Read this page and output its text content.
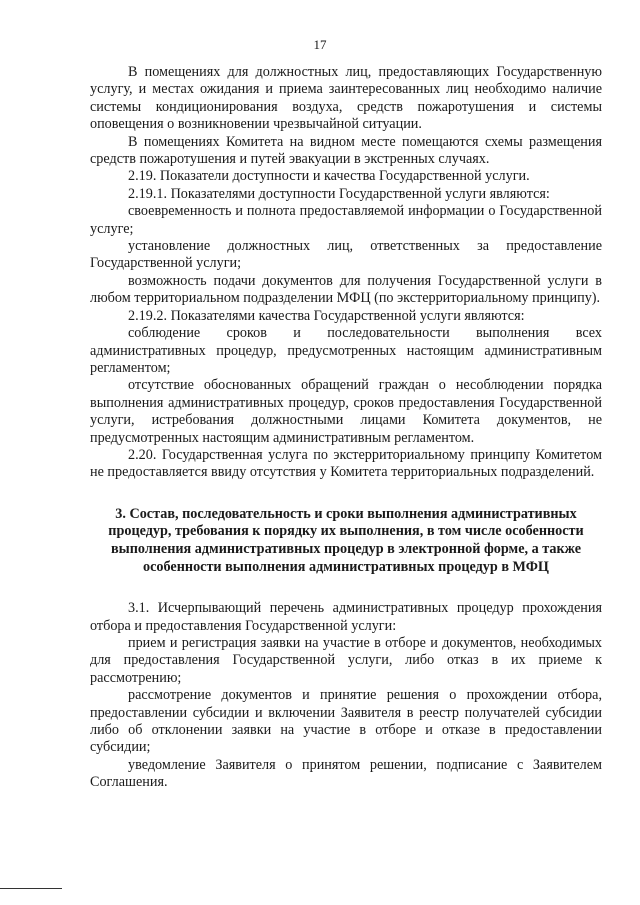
17

В помещениях для должностных лиц, предоставляющих Государственную услугу, и местах ожидания и приема заинтересованных лиц необходимо наличие системы кондиционирования воздуха, средств пожаротушения и системы оповещения о возникновении чрезвычайной ситуации.

В помещениях Комитета на видном месте помещаются схемы размещения средств пожаротушения и путей эвакуации в экстренных случаях.

2.19. Показатели доступности и качества Государственной услуги.

2.19.1. Показателями доступности Государственной услуги являются:

своевременность и полнота предоставляемой информации о Государственной услуге;

установление должностных лиц, ответственных за предоставление Государственной услуги;

возможность подачи документов для получения Государственной услуги в любом территориальном подразделении МФЦ (по экстерриториальному принципу).

2.19.2. Показателями качества Государственной услуги являются:

соблюдение сроков и последовательности выполнения всех административных процедур, предусмотренных настоящим административным регламентом;

отсутствие обоснованных обращений граждан о несоблюдении порядка выполнения административных процедур, сроков предоставления Государственной услуги, истребования должностными лицами Комитета документов, не предусмотренных настоящим административным регламентом.

2.20. Государственная услуга по экстерриториальному принципу Комитетом не предоставляется ввиду отсутствия у Комитета территориальных подразделений.

3. Состав, последовательность и сроки выполнения административных процедур, требования к порядку их выполнения, в том числе особенности выполнения административных процедур в электронной форме, а также особенности выполнения административных процедур в МФЦ

3.1. Исчерпывающий перечень административных процедур прохождения отбора и предоставления Государственной услуги:

прием и регистрация заявки на участие в отборе и документов, необходимых для предоставления Государственной услуги, либо отказ в их приеме к рассмотрению;

рассмотрение документов и принятие решения о прохождении отбора, предоставлении субсидии и включении Заявителя в реестр получателей субсидии либо об отклонении заявки на участие в отборе и отказе в предоставлении субсидии;

уведомление Заявителя о принятом решении, подписание с Заявителем Соглашения.
